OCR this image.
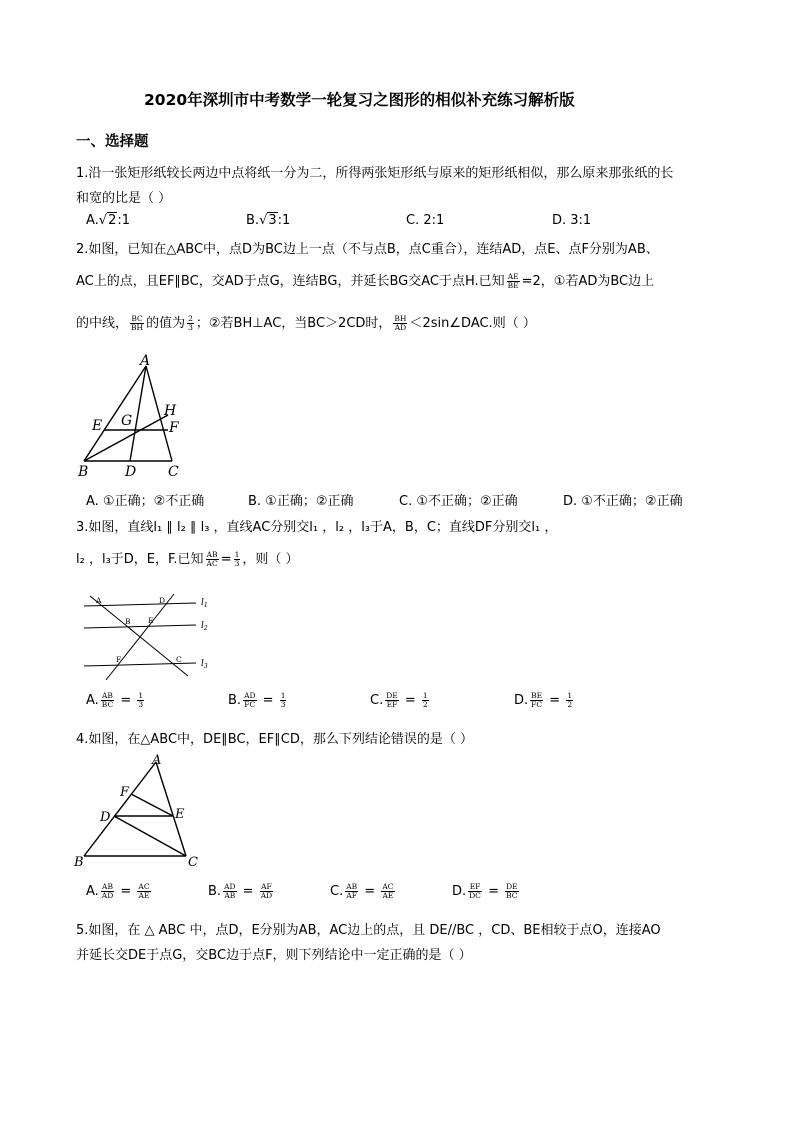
2020年深圳市中考数学一轮复习之图形的相似补充练习解析版
一、选择题
1.沿一张矩形纸较长两边中点将纸一分为二，所得两张矩形纸与原来的矩形纸相似，那么原来那张纸的长
和宽的比是（ ）
A.√2:1	B.√3:1	C. 2:1	D. 3:1
2.如图，已知在△ABC中，点D为BC边上一点（不与点B，点C重合），连结AD，点E、点F分别为AB、
AC上的点，且EF∥BC，交AD于点G，连结BG，并延长BG交AC于点H.已知 $\frac{AE}{BE} =2$，①若AD为BC边上
的中线， $\frac{BC}{BH}$ 的值为 $\frac{2}{3}$ ；②若BH⊥AC，当BC＞2CD时， $\frac{BH}{AD}$ ＜2sin∠DAC.则（ ）
A
E G
H
F
B	D C
A. ①正确；②不正确	B. ①正确；②正确	C. ①不正确；②正确	D. ①不正确；②正确
3.如图，直线l₁ ∥ l₂ ∥ l₃ ，直线AC分别交l₁ ，l₂ ，l₃于A，B，C；直线DF分别交l₁ ，
l₂ ，l₃于D，E，F.已知 $\frac{AB}{AC} = \frac{1}{3}$ ，则（ ）
A	D
B E
F	C
$l_1$
$l_2$
$l_3$
A. $\frac{AB}{BC} = \frac{1}{3}$	B. $\frac{AD}{FC} = \frac{1}{3}$	C. $\frac{DE}{EF} = \frac{1}{2}$	D. $\frac{BE}{FC} = \frac{1}{2}$
4.如图，在△ABC中，DE∥BC，EF∥CD，那么下列结论错误的是（ ）
A
F
D	E
B	C
A. $\frac{AB}{AD} = \frac{AC}{AE}$	B. $\frac{AD}{AB} = \frac{AF}{AD}$	C. $\frac{AB}{AF} = \frac{AC}{AE}$	D. $\frac{EF}{DC} = \frac{DE}{BC}$
5.如图，在 △ ABC 中，点D，E分别为AB，AC边上的点，且 DE//BC ，CD、BE相较于点O，连接AO
并延长交DE于点G，交BC边于点F，则下列结论中一定正确的是（ ）
